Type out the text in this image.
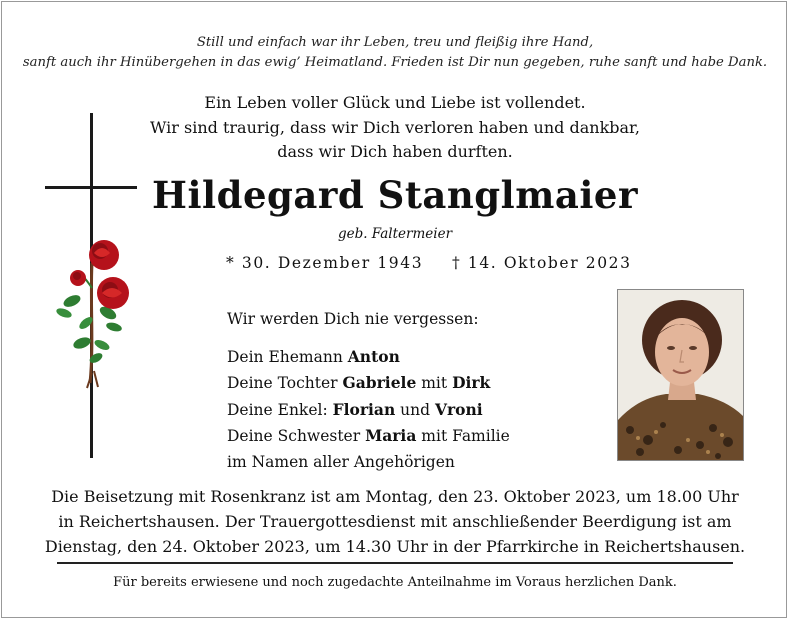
Still und einfach war ihr Leben, treu und fleißig ihre Hand,
sanft auch ihr Hinübergehen in das ewig’ Heimatland. Frieden ist Dir nun gegeben, ruhe sanft und habe Dank.
Ein Leben voller Glück und Liebe ist vollendet.
Wir sind traurig, dass wir Dich verloren haben und dankbar,
dass wir Dich haben durften.
Hildegard Stanglmaier
geb. Faltermeier
* 30. Dezember 1943 † 14. Oktober 2023
Wir werden Dich nie vergessen:
Dein Ehemann Anton
Deine Tochter Gabriele mit Dirk
Deine Enkel: Florian und Vroni
Deine Schwester Maria mit Familie
im Namen aller Angehörigen
Die Beisetzung mit Rosenkranz ist am Montag, den 23. Oktober 2023, um 18.00 Uhr
in Reichertshausen. Der Trauergottesdienst mit anschließender Beerdigung ist am
Dienstag, den 24. Oktober 2023, um 14.30 Uhr in der Pfarrkirche in Reichertshausen.
Für bereits erwiesene und noch zugedachte Anteilnahme im Voraus herzlichen Dank.
